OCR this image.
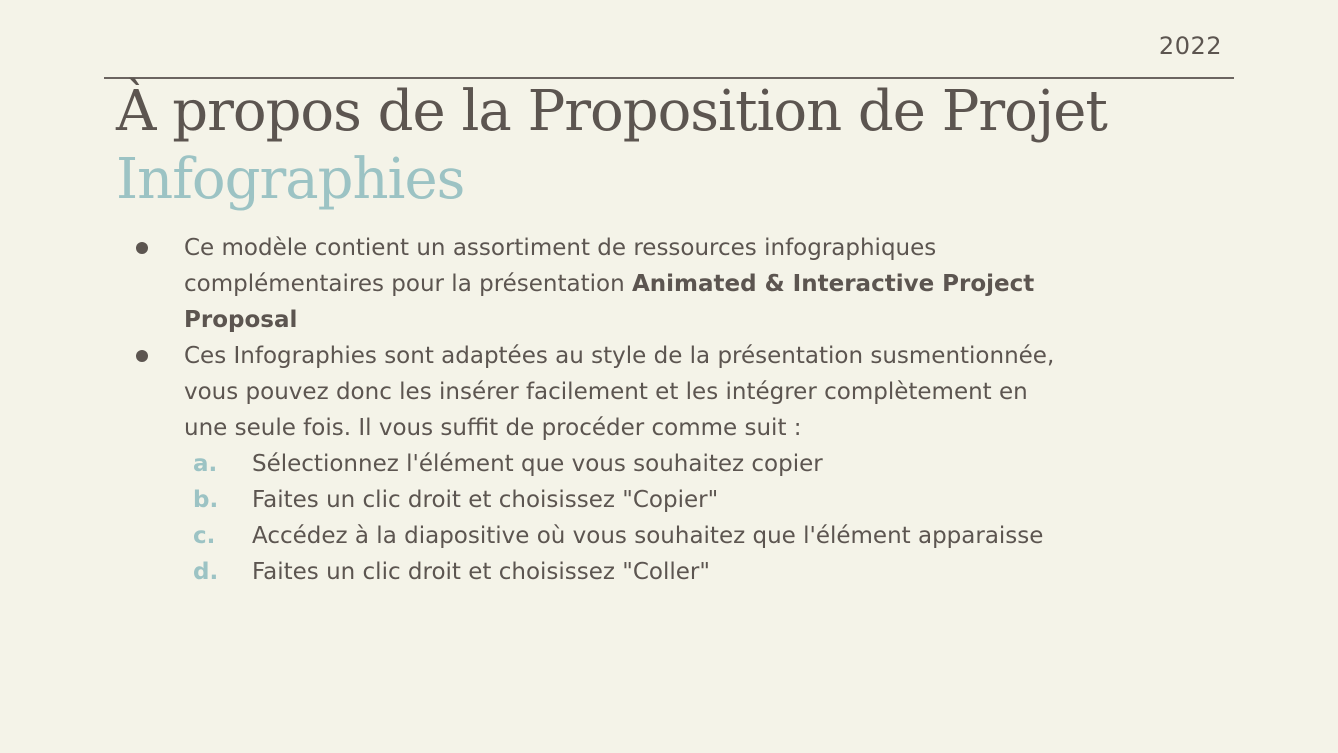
2022
À propos de la Proposition de Projet
Infographies
Ce modèle contient un assortiment de ressources infographiques complémentaires pour la présentation Animated & Interactive Project Proposal
Ces Infographies sont adaptées au style de la présentation susmentionnée, vous pouvez donc les insérer facilement et les intégrer complètement en une seule fois. Il vous suffit de procéder comme suit :
a. Sélectionnez l'élément que vous souhaitez copier
b. Faites un clic droit et choisissez "Copier"
c. Accédez à la diapositive où vous souhaitez que l'élément apparaisse
d. Faites un clic droit et choisissez "Coller"
